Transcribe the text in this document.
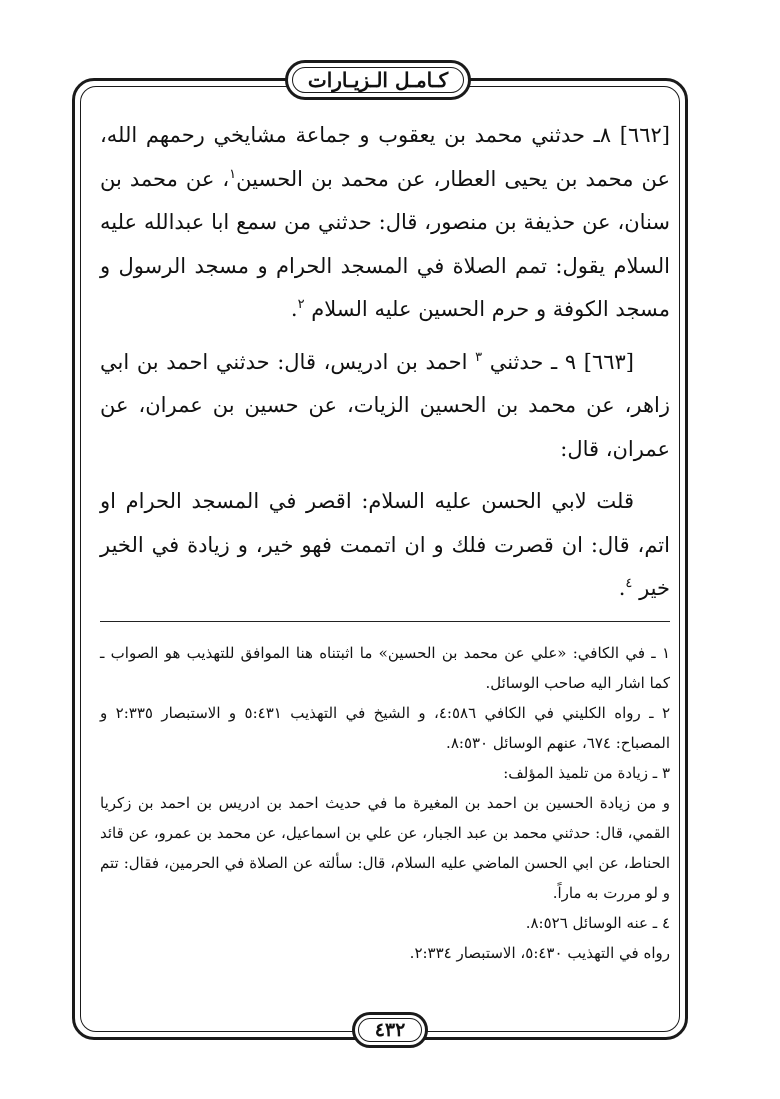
كـامـل الـزيـارات

[٦٦٢] ٨ـ حدثني محمد بن يعقوب و جماعة مشايخي رحمهم الله، عن محمد بن يحيى العطار، عن محمد بن الحسين$^١$، عن محمد بن سنان، عن حذيفة بن منصور، قال: حدثني من سمع ابا عبدالله عليه السلام يقول: تمم الصلاة في المسجد الحرام و مسجد الرسول و مسجد الكوفة و حرم الحسين عليه السلام $^٢$.

[٦٦٣] ٩ ـ حدثني $^٣$ احمد بن ادريس، قال: حدثني احمد بن ابي زاهر، عن محمد بن الحسين الزيات، عن حسين بن عمران، عن عمران، قال:

قلت لابي الحسن عليه السلام: اقصر في المسجد الحرام او اتم، قال: ان قصرت فلك و ان اتممت فهو خير، و زيادة في الخير خير $^٤$.

١ ـ في الكافي: «علي عن محمد بن الحسين» ما اثبتناه هنا الموافق للتهذيب هو الصواب ـ كما اشار اليه صاحب الوسائل.

٢ ـ رواه الكليني في الكافي ٤:٥٨٦، و الشيخ في التهذيب ٥:٤٣١ و الاستبصار ٢:٣٣٥ و المصباح: ٦٧٤، عنهم الوسائل ٨:٥٣٠.

٣ ـ زيادة من تلميذ المؤلف:

و من زيادة الحسين بن احمد بن المغيرة ما في حديث احمد بن ادريس بن احمد بن زكريا القمي، قال: حدثني محمد بن عبد الجبار، عن علي بن اسماعيل، عن محمد بن عمرو، عن قائد الحناط، عن ابي الحسن الماضي عليه السلام، قال: سألته عن الصلاة في الحرمين، فقال: تتم و لو مررت به ماراً.

٤ ـ عنه الوسائل ٨:٥٢٦.

رواه في التهذيب ٥:٤٣٠، الاستبصار ٢:٣٣٤.

٤٣٢
